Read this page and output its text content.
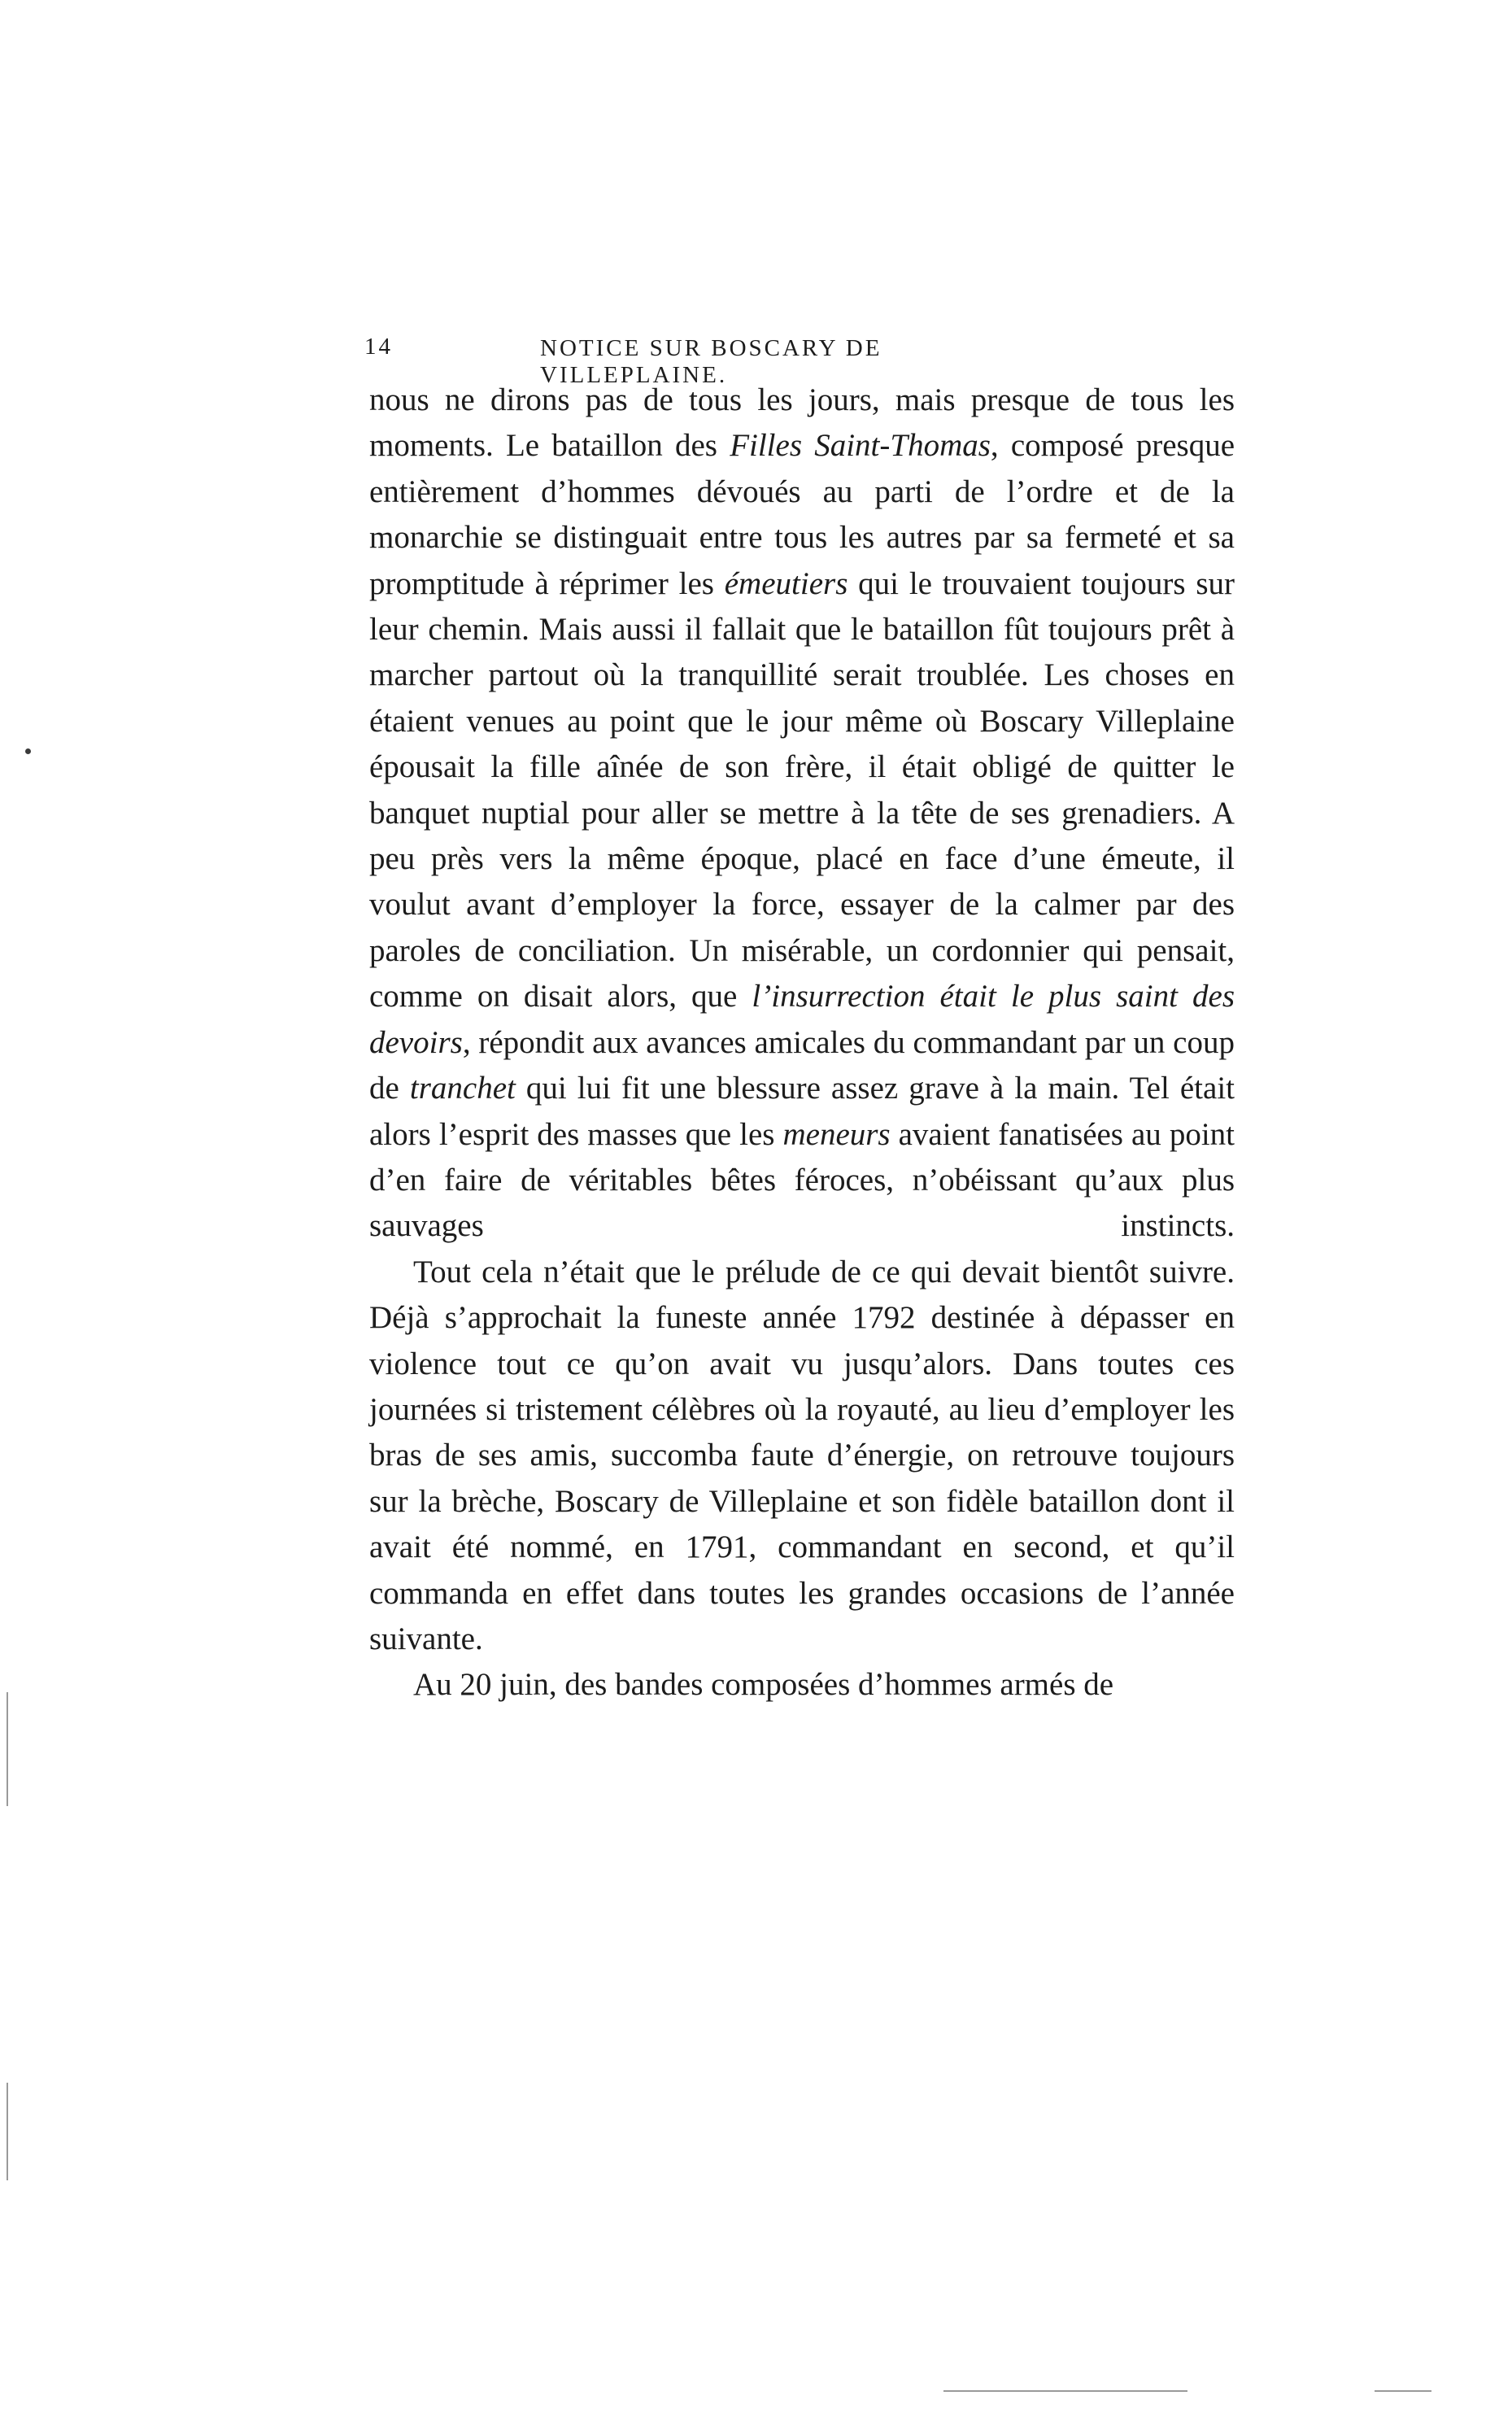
14	NOTICE SUR BOSCARY DE VILLEPLAINE.

nous ne dirons pas de tous les jours, mais presque de tous les moments. Le bataillon des Filles Saint-Thomas, composé presque entièrement d’hommes dévoués au parti de l’ordre et de la monarchie se distinguait entre tous les autres par sa fermeté et sa promptitude à réprimer les émeutiers qui le trouvaient toujours sur leur chemin. Mais aussi il fallait que le bataillon fût toujours prêt à marcher partout où la tranquillité serait troublée. Les choses en étaient venues au point que le jour même où Boscary Villeplaine épousait la fille aînée de son frère, il était obligé de quitter le banquet nuptial pour aller se mettre à la tête de ses grenadiers. A peu près vers la même époque, placé en face d’une émeute, il voulut avant d’employer la force, essayer de la calmer par des paroles de conciliation. Un misérable, un cordonnier qui pensait, comme on disait alors, que l’insurrection était le plus saint des devoirs, répondit aux avances amicales du commandant par un coup de tranchet qui lui fit une blessure assez grave à la main. Tel était alors l’esprit des masses que les meneurs avaient fanatisées au point d’en faire de véritables bêtes féroces, n’obéissant qu’aux plus sauvages instincts.

Tout cela n’était que le prélude de ce qui devait bientôt suivre. Déjà s’approchait la funeste année 1792 destinée à dépasser en violence tout ce qu’on avait vu jusqu’alors. Dans toutes ces journées si tristement célèbres où la royauté, au lieu d’employer les bras de ses amis, succomba faute d’énergie, on retrouve toujours sur la brèche, Boscary de Villeplaine et son fidèle bataillon dont il avait été nommé, en 1791, commandant en second, et qu’il commanda en effet dans toutes les grandes occasions de l’année suivante.

Au 20 juin, des bandes composées d’hommes armés de
